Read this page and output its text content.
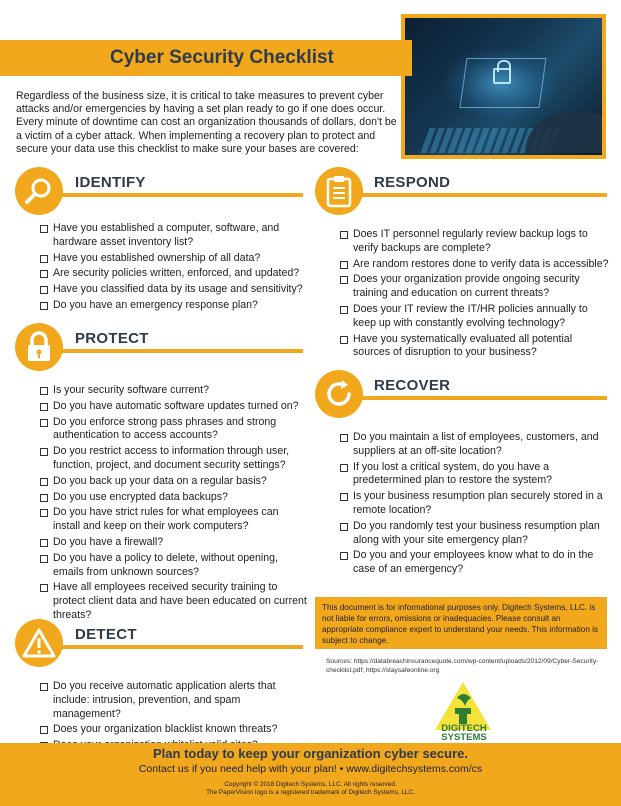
Cyber Security Checklist

Regardless of the business size, it is critical to take measures to prevent cyber attacks and/or emergencies by having a set plan ready to go if one does occur. Every minute of downtime can cost an organization thousands of dollars, don't be a victim of a cyber attack. When implementing a recovery plan to protect and secure your data use this checklist to make sure your bases are covered:

IDENTIFY
Have you established a computer, software, and hardware asset inventory list?
Have you established ownership of all data?
Are security policies written, enforced, and updated?
Have you classified data by its usage and sensitivity?
Do you have an emergency response plan?
PROTECT
Is your security software current?
Do you have automatic software updates turned on?
Do you enforce strong pass phrases and strong authentication to access accounts?
Do you restrict access to information through user, function, project, and document security settings?
Do you back up your data on a regular basis?
Do you use encrypted data backups?
Do you have strict rules for what employees can install and keep on their work computers?
Do you have a firewall?
Do you have a policy to delete, without opening, emails from unknown sources?
Have all employees received security training to protect client data and have been educated on current threats?
DETECT
Do you receive automatic application alerts that include: intrusion, prevention, and spam management?
Does your organization blacklist known threats?
RESPOND
Does IT personnel regularly review backup logs to verify backups are complete?
Are random restores done to verify data is accessible?
Does your organization provide ongoing security training and education on current threats?
Does your IT review the IT/HR policies annually to keep up with constantly evolving technology?
Have you systematically evaluated all potential sources of disruption to your business?
RECOVER
Do you maintain a list of employees, customers, and suppliers at an off-site location?
If you lost a critical system, do you have a predetermined plan to restore the system?
Is your business resumption plan securely stored in a remote location?
Do you randomly test your business resumption plan along with your site emergency plan?
Do you and your employees know what to do in the case of an emergency?
This document is for informational purposes only. Digitech Systems, LLC. is not liable for errors, omissions or inadequacies. Please consult an appropriate compliance expert to understand your needs. This information is subject to change.
Sources: https://databreachinsurancequote.com/wp-content/uploads/2012/09/Cyber-Security-checklist.pdf; https://staysafeonline.org
DIGITECH
SYSTEMS
Plan today to keep your organization cyber secure.
Contact us if you need help with your plan! • www.digitechsystems.com/cs
Copyright © 2018 Digitech Systems, LLC. All rights reserved.
The PaperVision logo is a registered trademark of Digitech Systems, LLC.
